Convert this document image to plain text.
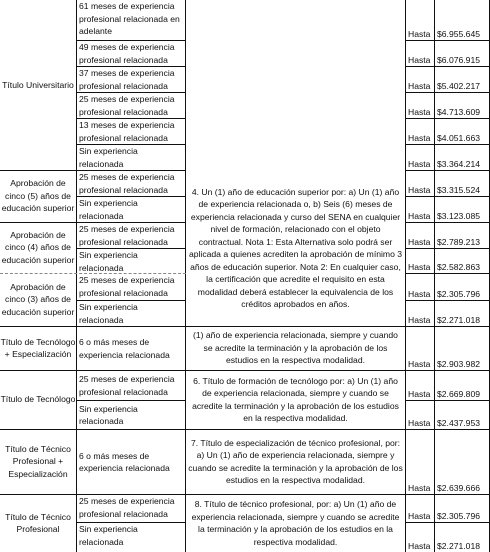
Título Universitario
Aprobación de cinco (5) años de educación superior
Aprobación de cinco (4) años de educación superior
Aprobación de cinco (3) años de educación superior
Título de Tecnólogo + Especialización
Título de Tecnólogo
Título de Técnico Profesional + Especialización
Título de Técnico Profesional
61 meses de experiencia profesional relacionada en adelante
49 meses de experiencia profesional relacionada
37 meses de experiencia profesional relacionada
25 meses de experiencia profesional relacionada
13 meses de experiencia profesional relacionada
Sin experiencia relacionada
25 meses de experiencia profesional relacionada
Sin experiencia relacionada
25 meses de experiencia profesional relacionada
Sin experiencia relacionada
25 meses de experiencia profesional relacionada
Sin experiencia relacionada
6 o más meses de experiencia relacionada
25 meses de experiencia profesional relacionada
Sin experiencia relacionada
6 o más meses de experiencia relacionada
25 meses de experiencia profesional relacionada
Sin experiencia relacionada
4. Un (1) año de educación superior por: a) Un (1) año de experiencia relacionada o, b) Seis (6) meses de experiencia relacionada y curso del SENA en cualquier nivel de formación, relacionado con el objeto contractual. Nota 1: Esta Alternativa solo podrá ser aplicada a quienes acrediten la aprobación de mínimo 3 años de educación superior. Nota 2: En cualquier caso, la certificación que acredite el requisito en esta modalidad deberá establecer la equivalencia de los créditos aprobados en años.
(1) año de experiencia relacionada, siempre y cuando se acredite la terminación y la aprobación de los estudios en la respectiva modalidad.
6. Título de formación de tecnólogo por: a) Un (1) año de experiencia relacionada, siempre y cuando se acredite la terminación y la aprobación de los estudios en la respectiva modalidad.
7. Título de especialización de técnico profesional, por: a) Un (1) año de experiencia relacionada, siempre y cuando se acredite la terminación y la aprobación de los estudios en la respectiva modalidad.
8. Título de técnico profesional, por: a) Un (1) año de experiencia relacionada, siempre y cuando se acredite la terminación y la aprobación de los estudios en la respectiva modalidad.
Hasta
Hasta
Hasta
Hasta
Hasta
Hasta
Hasta
Hasta
Hasta
Hasta
Hasta
Hasta
Hasta
Hasta
Hasta
Hasta
Hasta
Hasta
$6.955.645
$6.076.915
$5.402.217
$4.713.609
$4.051.663
$3.364.214
$3.315.524
$3.123.085
$2.789.213
$2.582.863
$2.305.796
$2.271.018
$2.903.982
$2.669.809
$2.437.953
$2.639.666
$2.305.796
$2.271.018
